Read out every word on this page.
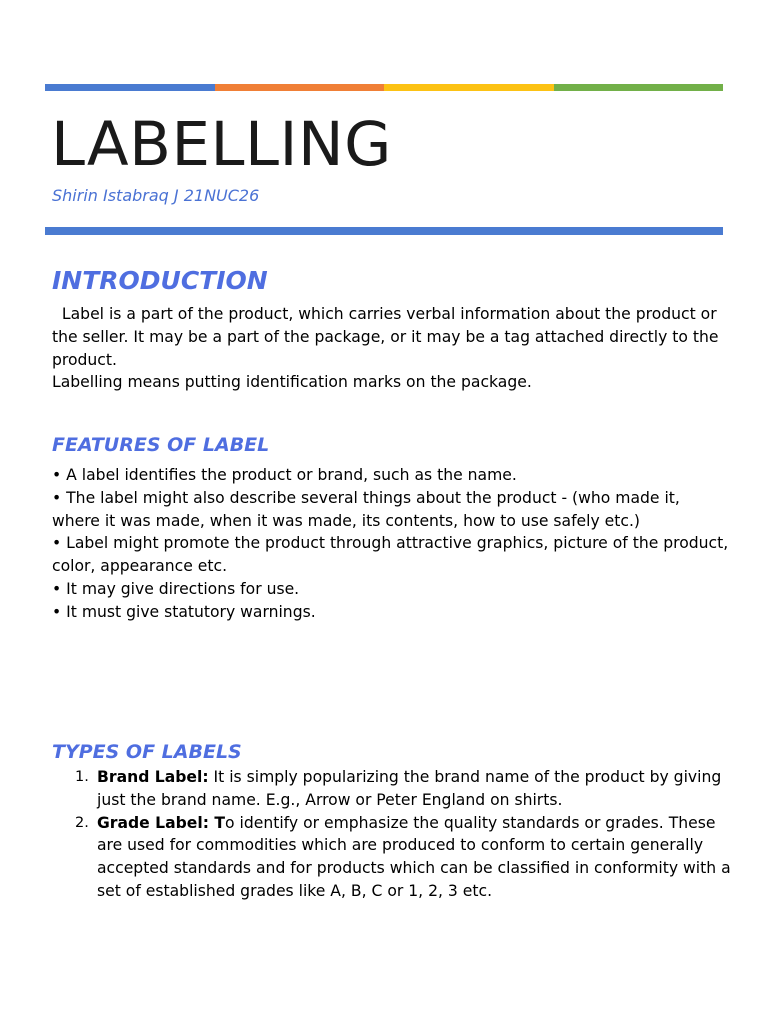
LABELLING
Shirin Istabraq J 21NUC26
INTRODUCTION

Label is a part of the product, which carries verbal information about the product or the seller. It may be a part of the package, or it may be a tag attached directly to the product.

Labelling means putting identification marks on the package.

FEATURES OF LABEL

• A label identifies the product or brand, such as the name.

• The label might also describe several things about the product - (who made it, where it was made, when it was made, its contents, how to use safely etc.)

• Label might promote the product through attractive graphics, picture of the product, color, appearance etc.

• It may give directions for use.

• It must give statutory warnings.

TYPES OF LABELS
1. Brand Label: It is simply popularizing the brand name of the product by giving just the brand name. E.g., Arrow or Peter England on shirts.
2. Grade Label: To identify or emphasize the quality standards or grades. These are used for commodities which are produced to conform to certain generally accepted standards and for products which can be classified in conformity with a set of established grades like A, B, C or 1, 2, 3 etc.
